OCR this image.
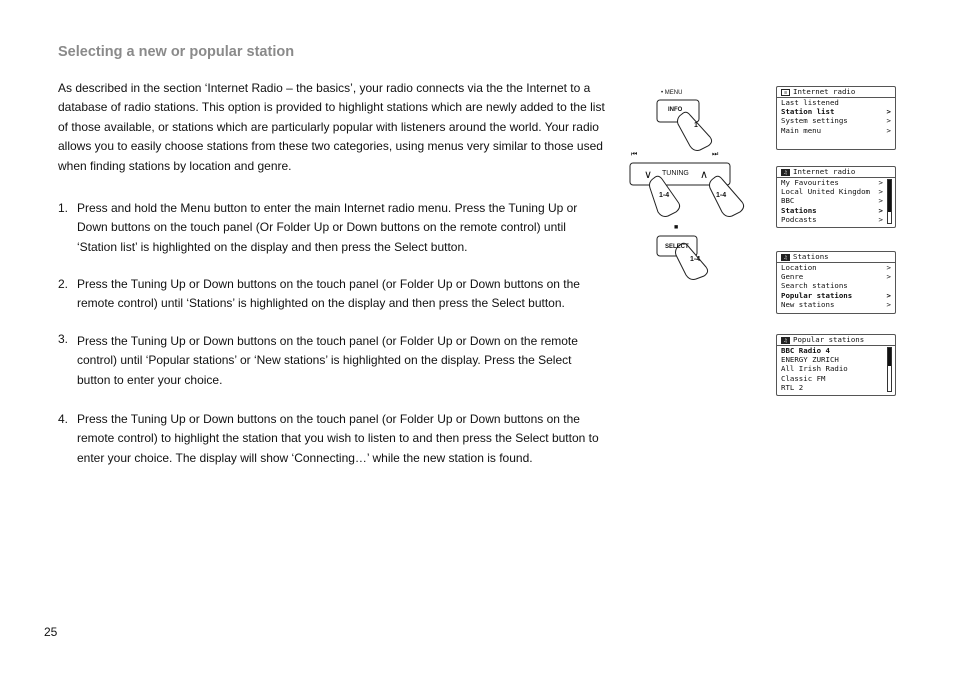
Selecting a new or popular station
As described in the section ‘Internet Radio – the basics’, your radio connects via the the Internet to a database of radio stations. This option is provided to highlight stations which are newly added to the list of those available, or stations which are particularly popular with listeners around the world. Your radio allows you to easily choose stations from these two categories, using menus very similar to those used when finding stations by location and genre.
1. Press and hold the Menu button to enter the main Internet radio menu. Press the Tuning Up or Down buttons on the touch panel (Or Folder Up or Down buttons on the remote control) until ‘Station list’ is highlighted on the display and then press the Select button.
2. Press the Tuning Up or Down buttons on the touch panel (or Folder Up or Down buttons on the remote control) until ‘Stations’ is highlighted on the display and then press the Select button.
3. Press the Tuning Up or Down buttons on the touch panel (or Folder Up or Down on the remote control) until ‘Popular stations’ or ‘New stations’ is highlighted on the display. Press the Select button to enter your choice.
4. Press the Tuning Up or Down buttons on the touch panel (or Folder Up or Down buttons on the remote control) to highlight the station that you wish to listen to and then press the Select button to enter your choice. The display will show ‘Connecting…’ while the new station is found.
25
• MENU
INFO
1
⏮	⏭
∨ TUNING ∧
1-4	1-4
■
SELECT
1-4
≡ Internet radio
Last listened
Station list	>
System settings	>
Main menu	>
♫ Internet radio
My Favourites	>
Local United Kingdom >
BBC	>
Stations	>
Podcasts	>
♫ Stations
Location	>
Genre	>
Search stations
Popular stations	>
New stations	>
♫ Popular stations
BBC Radio 4
ENERGY ZURICH
All Irish Radio
Classic FM
RTL 2
